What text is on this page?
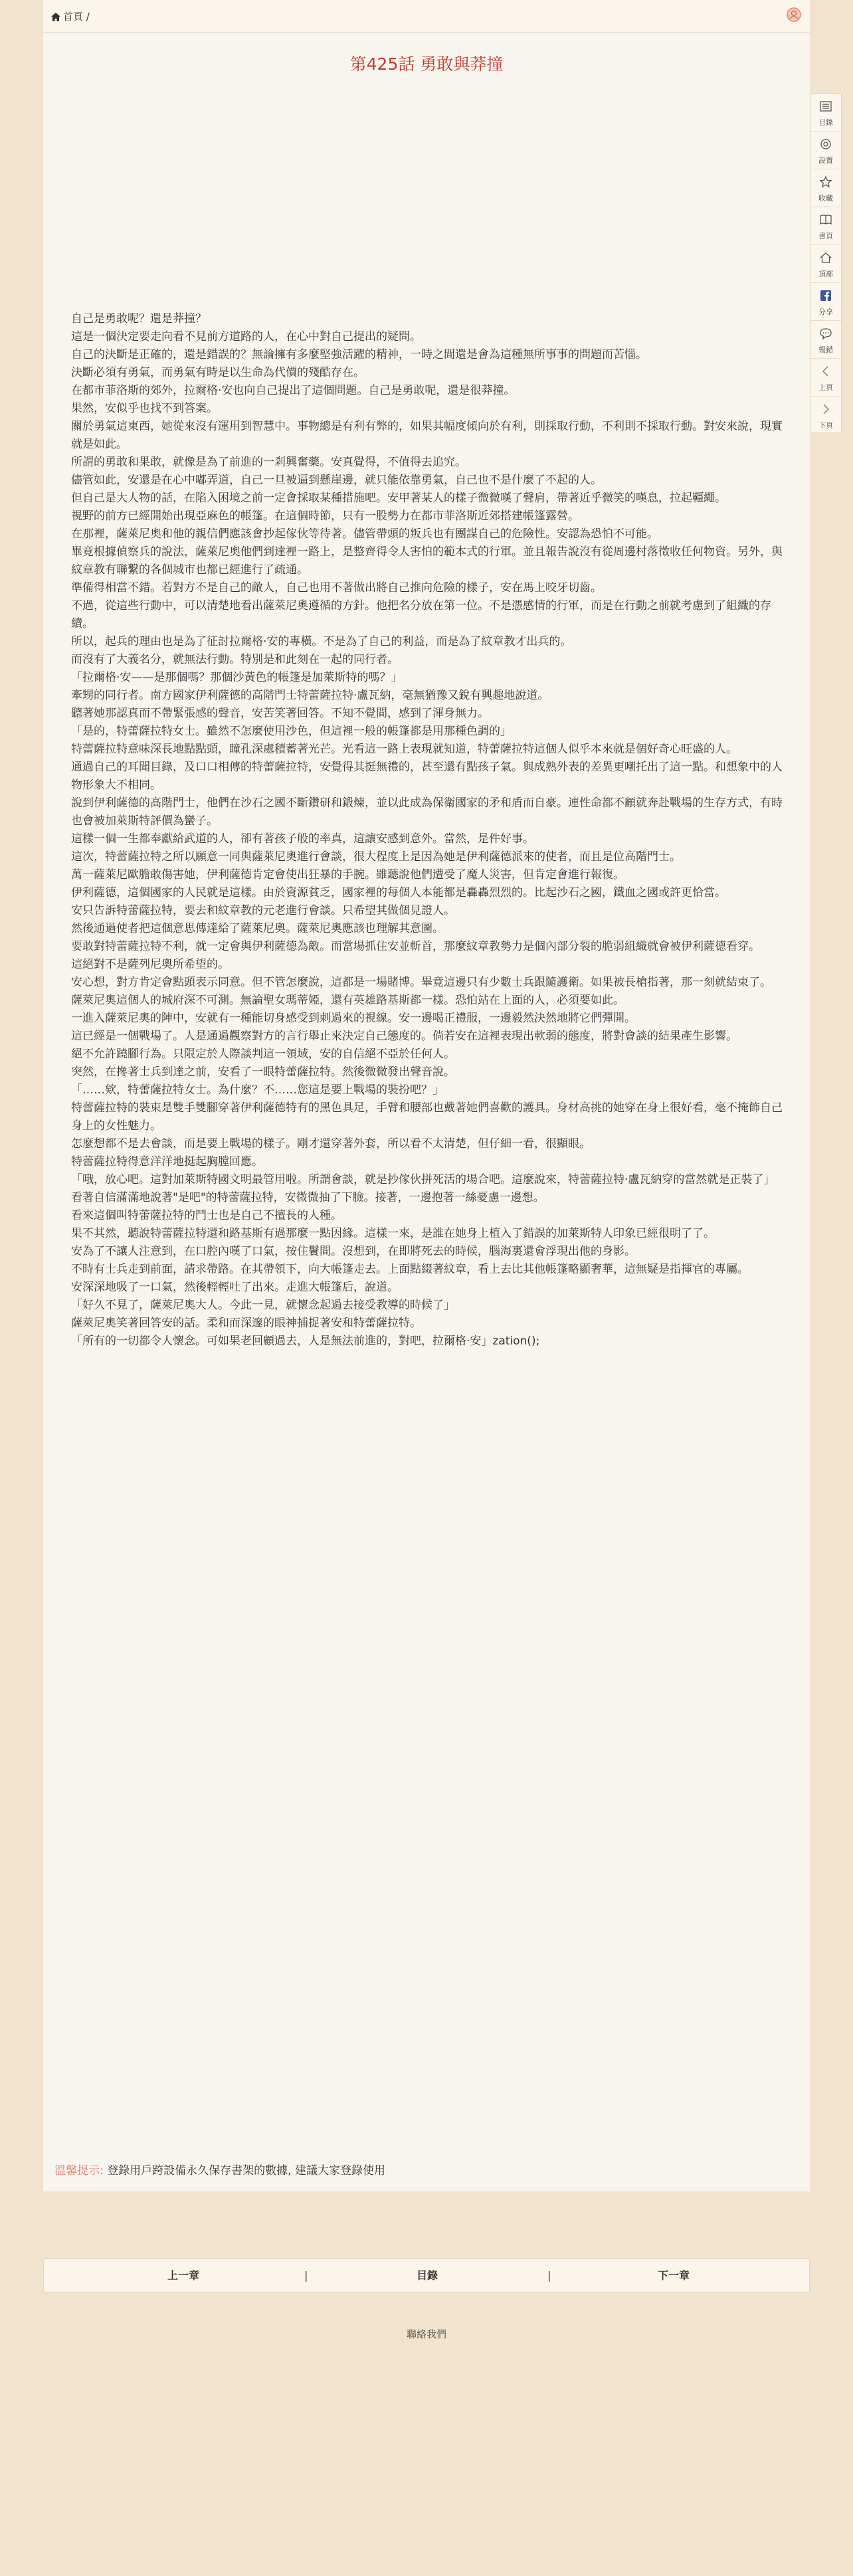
首頁 /
第425話 勇敢與莽撞

自己是勇敢呢？還是莽撞？

這是一個決定要走向看不見前方道路的人，在心中對自己提出的疑問。

自己的決斷是正確的，還是錯誤的？無論擁有多麼堅強活躍的精神，一時之間還是會為這種無所事事的問題而苦惱。

決斷必須有勇氣，而勇氣有時是以生命為代價的殘酷存在。

在都市菲洛斯的郊外，拉爾格·安也向自己提出了這個問題。自己是勇敢呢，還是很莽撞。

果然，安似乎也找不到答案。

關於勇氣這東西，她從來沒有運用到智慧中。事物總是有利有弊的，如果其幅度傾向於有利，則採取行動，不利則不採取行動。對安來說，現實就是如此。

所謂的勇敢和果敢，就像是為了前進的一剎興奮藥。安真覺得，不值得去追究。

儘管如此，安還是在心中嘟弄道，自己一旦被逼到懸崖邊，就只能依靠勇氣，自己也不是什麼了不起的人。

但自己是大人物的話，在陷入困境之前一定會採取某種措施吧。安甲著某人的樣子微微嘆了聲肩，帶著近乎微笑的嘆息，拉起韁繩。

視野的前方已經開始出現亞麻色的帳篷。在這個時節，只有一股勢力在都市菲洛斯近郊搭建帳篷露營。

在那裡，薩萊尼奧和他的親信們應該會抄起傢伙等待著。儘管帶頭的叛兵也有團謀自己的危險性。安認為恐怕不可能。

畢竟根據偵察兵的說法，薩萊尼奧他們到達裡一路上，是整齊得令人害怕的範本式的行軍。並且報告說沒有從周邊村落徵收任何物資。另外，與紋章教有聯繫的各個城市也都已經進行了疏通。

準備得相當不錯。若對方不是自己的敵人，自己也用不著做出將自己推向危險的樣子，安在馬上咬牙切齒。

不過，從這些行動中，可以清楚地看出薩萊尼奧遵循的方針。他把名分放在第一位。不是憑感情的行軍，而是在行動之前就考慮到了組織的存續。

所以，起兵的理由也是為了征討拉爾格·安的專橫。不是為了自己的利益，而是為了紋章教才出兵的。

而沒有了大義名分，就無法行動。特別是和此刻在一起的同行者。

「拉爾格·安——是那個嗎？那個沙黃色的帳篷是加萊斯特的嗎？」

牽甥的同行者。南方國家伊利薩德的高階門士特蕾薩拉特·盧瓦納，毫無猶豫又銳有興趣地說道。

聽著她那認真而不帶緊張感的聲音，安苦笑著回答。不知不覺間，感到了渾身無力。

「是的，特蕾薩拉特女士。雖然不怎麼使用沙色，但這裡一般的帳篷都是用那種色調的」

特蕾薩拉特意味深長地點點頭，瞳孔深處積蓄著光芒。光看這一路上表現就知道，特蕾薩拉特這個人似乎本來就是個好奇心旺盛的人。

通過自己的耳聞目錄，及口口相傳的特蕾薩拉特，安覺得其挺無禮的，甚至還有點孩子氣。與成熟外表的差異更嘲托出了這一點。和想象中的人物形象大不相同。

說到伊利薩德的高階門士，他們在沙石之國不斷鑽研和鍛煉，並以此成為保衛國家的矛和盾而自豪。連性命都不顧就奔赴戰場的生存方式，有時也會被加萊斯特評價為蠻子。

這樣一個一生都奉獻給武道的人，卻有著孩子般的率真，這讓安感到意外。當然，是件好事。

這次，特蕾薩拉特之所以願意一同與薩萊尼奧進行會談，很大程度上是因為她是伊利薩德派來的使者，而且是位高階門士。

萬一薩萊尼歐膽敢傷害她，伊利薩德肯定會使出狂暴的手腕。雖聽說他們遭受了魔人災害，但肯定會進行報復。

伊利薩德，這個國家的人民就是這樣。由於資源貧乏，國家裡的每個人本能都是轟轟烈烈的。比起沙石之國，鐵血之國或許更恰當。

安只告訴特蕾薩拉特，要去和紋章教的元老進行會談。只希望其做個見證人。

然後通過使者把這個意思傳達給了薩萊尼奧。薩萊尼奧應該也理解其意圖。

要敢對特蕾薩拉特不利，就一定會與伊利薩德為敵。而當場抓住安並斬首，那麼紋章教勢力是個內部分裂的脆弱組織就會被伊利薩德看穿。

這絕對不是薩列尼奧所希望的。

安心想，對方肯定會點頭表示同意。但不管怎麼說，這都是一場賭博。畢竟這邊只有少數士兵跟隨護衛。如果被長槍指著，那一刻就結束了。

薩萊尼奧這個人的城府深不可測。無論聖女瑪蒂婭，還有英雄路基斯都一樣。恐怕站在上面的人，必須要如此。

一進入薩萊尼奧的陣中，安就有一種能切身感受到刺過來的視線。安一邊喝正禮服，一邊毅然決然地將它們彈開。

這已經是一個戰場了。人是通過觀察對方的言行舉止來決定自己態度的。倘若安在這裡表現出軟弱的態度，將對會談的結果產生影響。

絕不允許蹺腳行為。只限定於人際談判這一領域，安的自信絕不亞於任何人。

突然，在搀著士兵到達之前，安看了一眼特蕾薩拉特。然後微微發出聲音說。

「……欸，特蕾薩拉特女士。為什麼？不……您這是要上戰場的裝扮吧？」

特蕾薩拉特的裝束是雙手雙腳穿著伊利薩德特有的黑色具足，手臂和腰部也戴著她們喜歡的護具。身材高挑的她穿在身上很好看，毫不掩飾自己身上的女性魅力。

怎麼想都不是去會談，而是要上戰場的樣子。剛才還穿著外套，所以看不太清楚，但仔細一看，很顯眼。

特蕾薩拉特得意洋洋地挺起胸膛回應。

「哦，放心吧。這對加萊斯特國文明最管用啦。所謂會談，就是抄傢伙拼死活的場合吧。這麼說來，特蕾薩拉特·盧瓦納穿的當然就是正裝了」

看著自信滿滿地說著"是吧"的特蕾薩拉特，安微微抽了下臉。接著，一邊抱著一絲憂慮一邊想。

看來這個叫特蕾薩拉特的鬥士也是自己不擅長的人種。

果不其然，聽說特蕾薩拉特還和路基斯有過那麼一點因緣。這樣一來，是誰在她身上植入了錯誤的加萊斯特人印象已經很明了了。

安為了不讓人注意到，在口腔內嘆了口氣，按住鬢間。沒想到，在即將死去的時候，腦海裏還會浮現出他的身影。

不時有士兵走到前面，請求帶路。在其帶領下，向大帳篷走去。上面點綴著紋章，看上去比其他帳篷略顯奢華，這無疑是指揮官的專屬。

安深深地吸了一口氣，然後輕輕吐了出來。走進大帳篷后，說道。

「好久不見了，薩萊尼奧大人。今此一見，就懷念起過去接受教導的時候了」

薩萊尼奧笑著回答安的話。柔和而深邃的眼神捕捉著安和特蕾薩拉特。

「所有的一切都令人懷念。可如果老回顧過去，人是無法前進的，對吧，拉爾格·安」zation();

溫馨提示: 登錄用戶跨設備永久保存書架的數據, 建議大家登錄使用
上一章	|	目錄	|	下一章
聯絡我們
目錄
設置
收藏
書頁
頂部
分享
報錯
上頁
下頁
